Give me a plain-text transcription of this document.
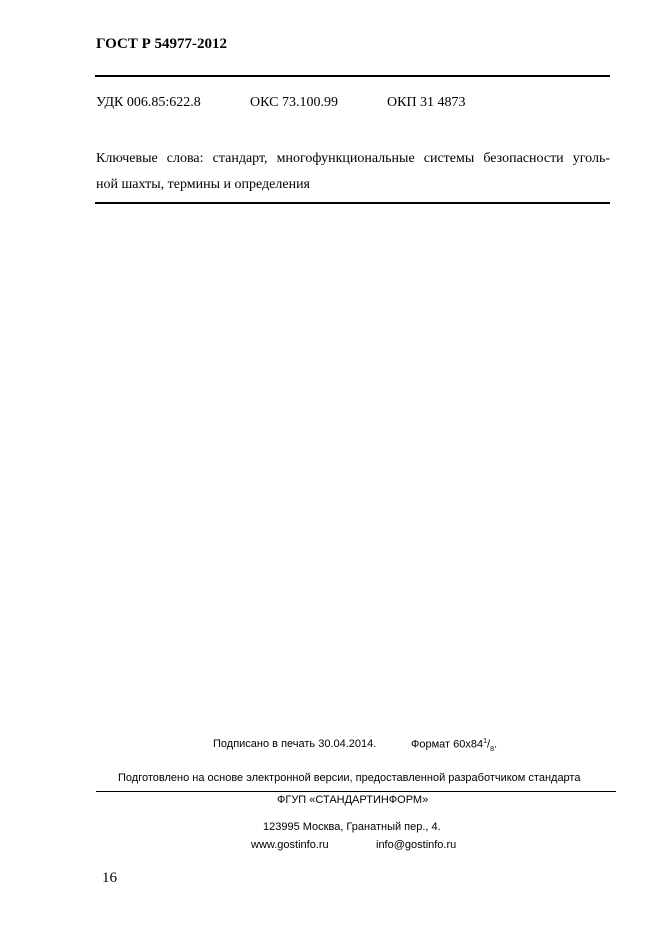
ГОСТ Р 54977-2012
УДК 006.85:622.8	ОКС 73.100.99	ОКП 31 4873
Ключевые слова: стандарт, многофункциональные системы безопасности уголь-
ной шахты, термины и определения
Подписано в печать 30.04.2014.	Формат $60х84^1/_8$.
Подготовлено на основе электронной версии, предоставленной разработчиком стандарта
ФГУП «СТАНДАРТИНФОРМ»
123995 Москва, Гранатный пер., 4.
www.gostinfo.ru	info@gostinfo.ru
16
